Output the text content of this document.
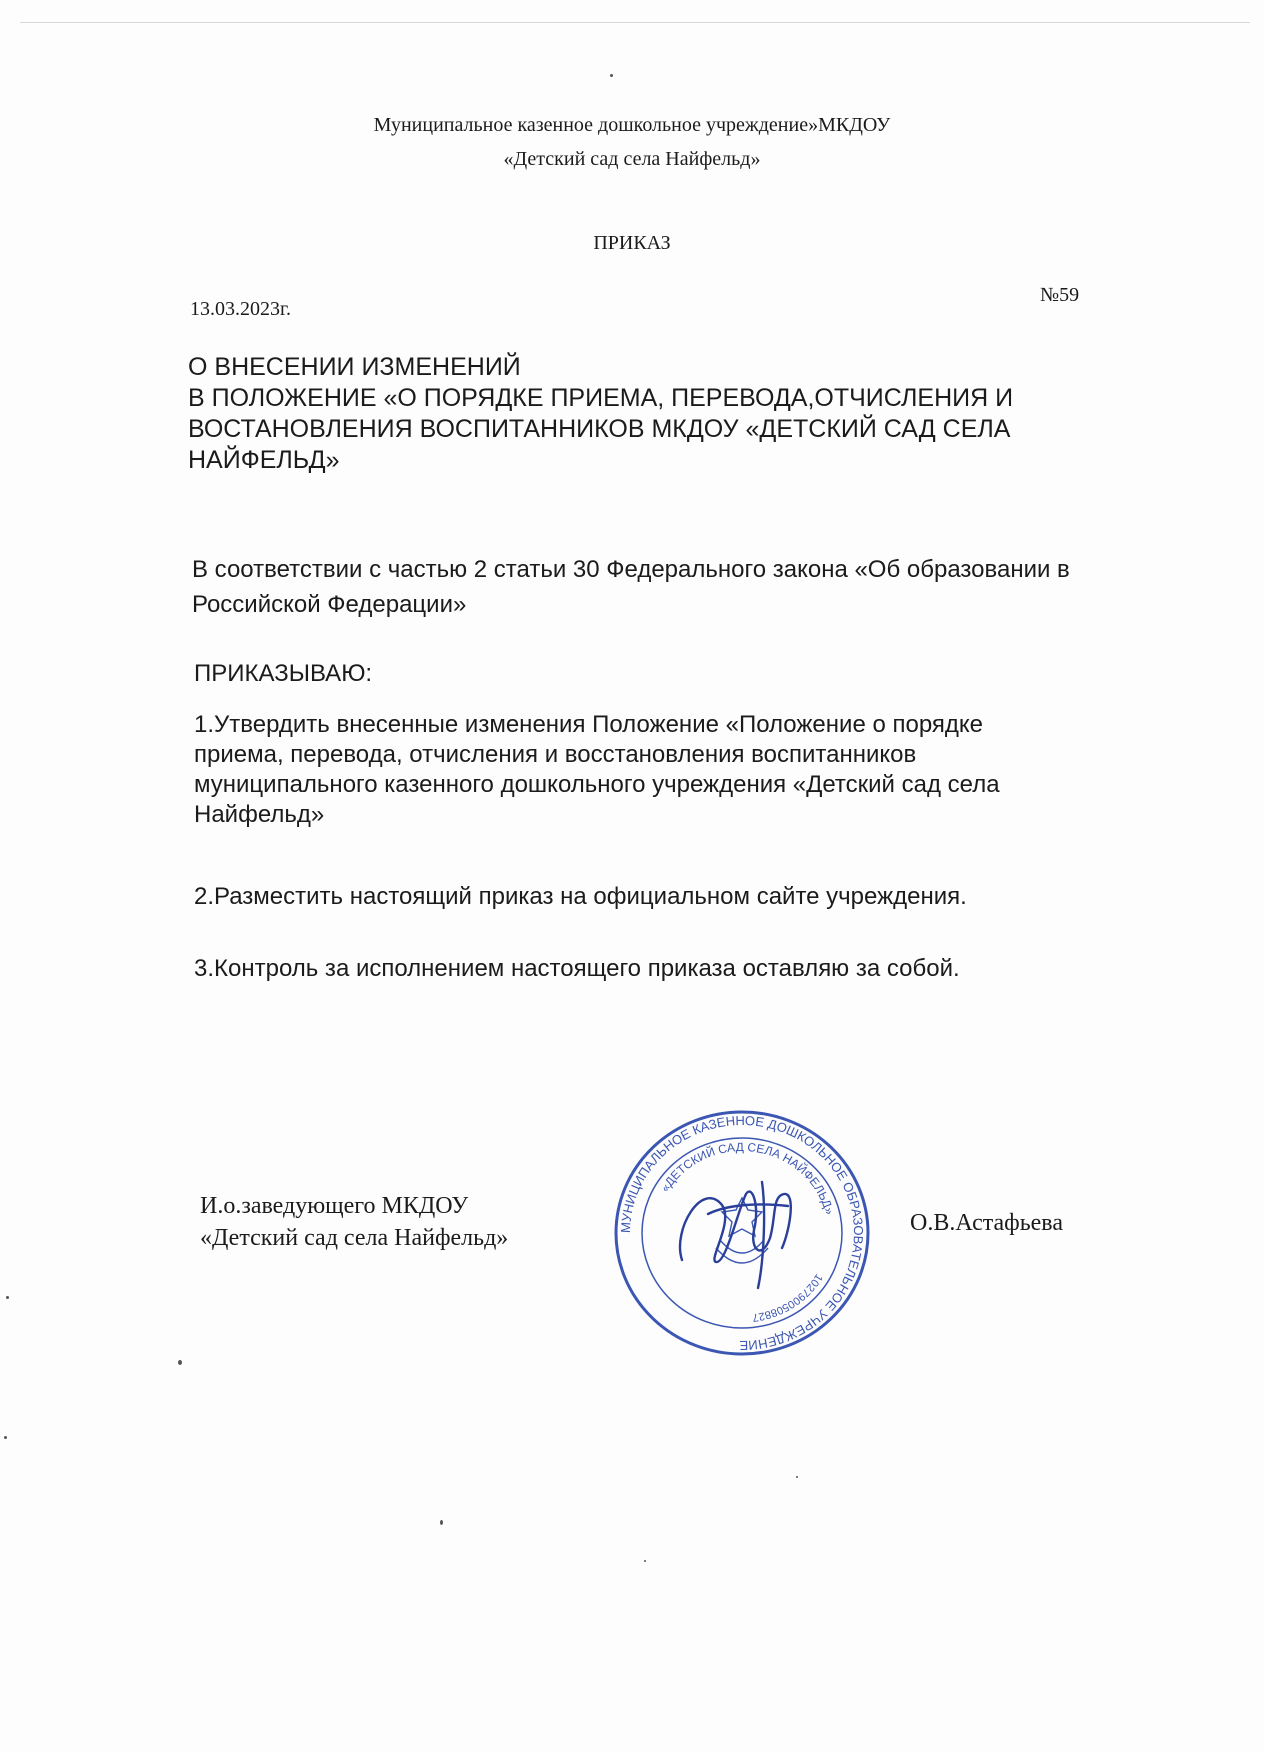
Муниципальное казенное дошкольное учреждение»МКДОУ
«Детский сад села Найфельд»
ПРИКАЗ
13.03.2023г.
№59
О ВНЕСЕНИИ ИЗМЕНЕНИЙ
В ПОЛОЖЕНИЕ «О ПОРЯДКЕ ПРИЕМА, ПЕРЕВОДА,ОТЧИСЛЕНИЯ И
ВОСТАНОВЛЕНИЯ ВОСПИТАННИКОВ МКДОУ «ДЕТСКИЙ САД СЕЛА
НАЙФЕЛЬД»
В соответствии с частью 2 статьи 30 Федерального закона «Об образовании в
Российской Федерации»
ПРИКАЗЫВАЮ:
1.Утвердить внесенные изменения Положение «Положение о порядке
приема, перевода, отчисления и восстановления воспитанников
муниципального казенного дошкольного учреждения «Детский сад села
Найфельд»
2.Разместить настоящий приказ на официальном сайте учреждения.
3.Контроль за исполнением настоящего приказа оставляю за собой.
И.о.заведующего МКДОУ
«Детский сад села Найфельд»	МУНИЦИПАЛЬНОЕ КАЗЕННОЕ ДОШКОЛЬНОЕ ОБРАЗОВАТЕЛЬНОЕ УЧРЕЖДЕНИЕ
«ДЕТСКИЙ САД СЕЛА НАЙФЕЛЬД»
1027900508827
О.В.Астафьева
